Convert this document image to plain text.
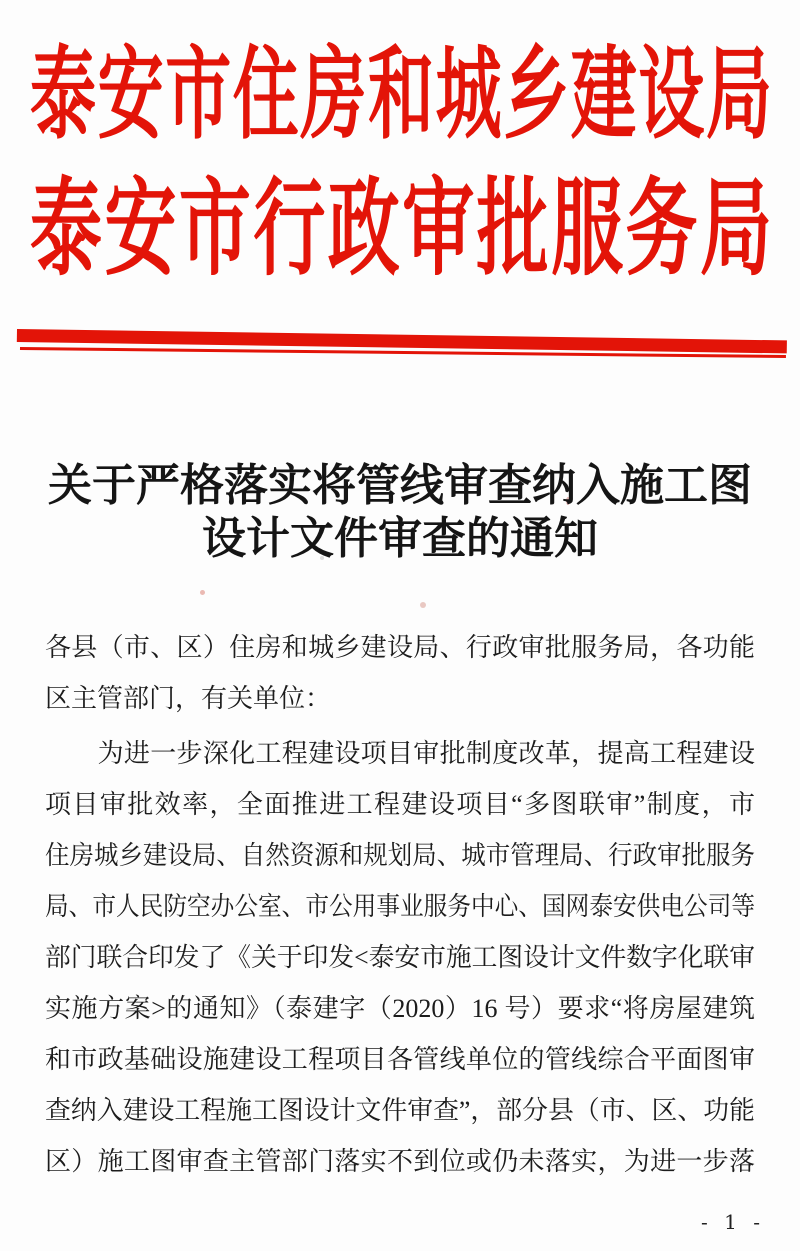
泰安市住房和城乡建设局
泰安市行政审批服务局
关于严格落实将管线审查纳入施工图
设计文件审查的通知
各县（市、区）住房和城乡建设局、行政审批服务局，各功能
区主管部门，有关单位：
　　为进一步深化工程建设项目审批制度改革，提高工程建设
项目审批效率，全面推进工程建设项目“多图联审”制度，市
住房城乡建设局、自然资源和规划局、城市管理局、行政审批服务
局、市人民防空办公室、市公用事业服务中心、国网泰安供电公司等
部门联合印发了《关于印发<泰安市施工图设计文件数字化联审
实施方案>的通知》（泰建字（2020）16 号）要求“将房屋建筑
和市政基础设施建设工程项目各管线单位的管线综合平面图审
查纳入建设工程施工图设计文件审查”，部分县（市、区、功能
区）施工图审查主管部门落实不到位或仍未落实，为进一步落
- 1 -
